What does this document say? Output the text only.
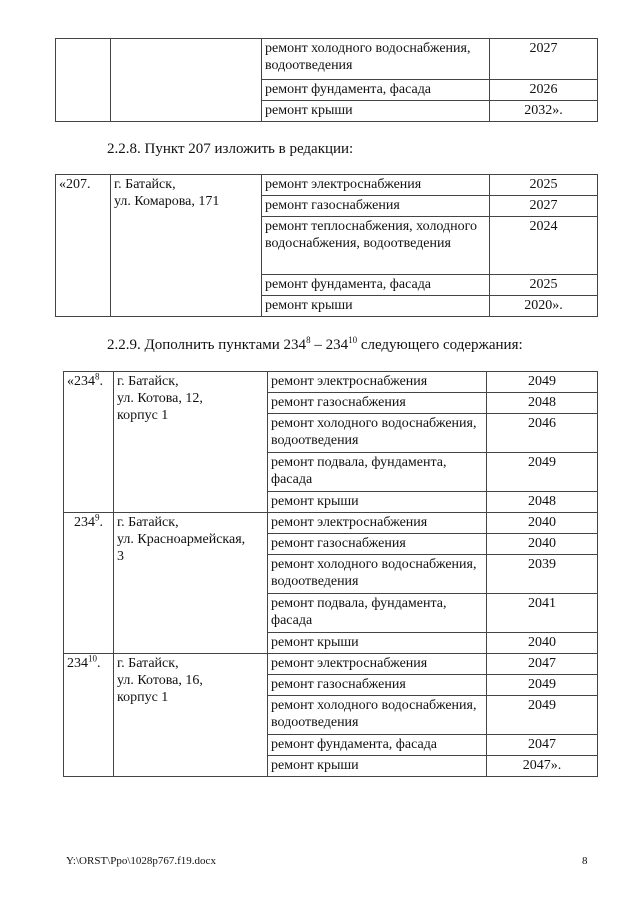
		ремонт холодного водоснабжения, водоотведения	2027
		ремонт фундамента, фасада	2026
		ремонт крыши	2032».
2.2.8. Пункт 207 изложить в редакции:
«207.	г. Батайск,
ул. Комарова, 171	ремонт электроснабжения	2025
		ремонт газоснабжения	2027
		ремонт теплоснабжения, холодного водоснабжения, водоотведения	2024
		ремонт фундамента, фасада	2025
		ремонт крыши	2020».
2.2.9. Дополнить пунктами $234^8 - 234^{10}$ следующего содержания:
«$234^8$.	г. Батайск,
ул. Котова, 12,
корпус 1	ремонт электроснабжения	2049
		ремонт газоснабжения	2048
		ремонт холодного водоснабжения, водоотведения	2046
		ремонт подвала, фундамента, фасада	2049
		ремонт крыши	2048
$234^9$.	г. Батайск,
ул. Красноармейская,
3	ремонт электроснабжения	2040
		ремонт газоснабжения	2040
		ремонт холодного водоснабжения, водоотведения	2039
		ремонт подвала, фундамента, фасада	2041
		ремонт крыши	2040
$234^{10}$.	г. Батайск,
ул. Котова, 16,
корпус 1	ремонт электроснабжения	2047
		ремонт газоснабжения	2049
		ремонт холодного водоснабжения, водоотведения	2049
		ремонт фундамента, фасада	2047
		ремонт крыши	2047».
Y:\ORST\Ppo\1028p767.f19.docx	8
